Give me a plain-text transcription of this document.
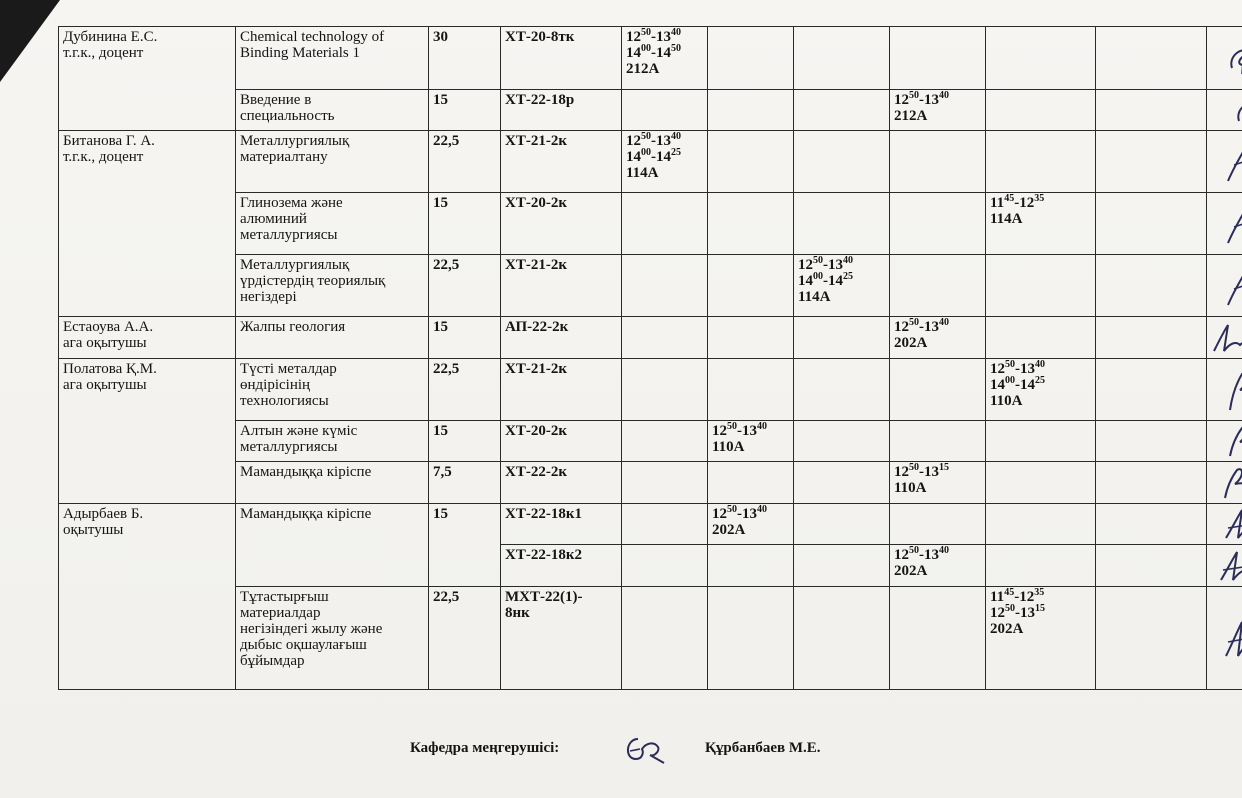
Дубинина Е.С.
т.г.к., доцент	Chemical technology of
Binding Materials 1	30	ХТ-20-8тк	$12^{50}-13^{40}$
$14^{00}-14^{50}$
212А

	Введение в
специальность	15	ХТ-22-18р				$12^{50}-13^{40}$
212А

Битанова Г. А.
т.г.к., доцент	Металлургиялық
материалтану	22,5	ХТ-21-2к	$12^{50}-13^{40}$
$14^{00}-14^{25}$
114А

	Глинозема және
алюминий
металлургиясы	15	ХТ-20-2к					$11^{45}-12^{35}$
114А

	Металлургиялық
үрдістердің теориялық
негіздері	22,5	ХТ-21-2к			$12^{50}-13^{40}$
$14^{00}-14^{25}$
114А

Естаоува А.А.
ага оқытушы	Жалпы геология	15	АП-22-2к				$12^{50}-13^{40}$
202А

Полатова Қ.М.
ага оқытушы	Түсті металдар
өндірісінің
технологиясы	22,5	ХТ-21-2к					$12^{50}-13^{40}$
$14^{00}-14^{25}$
110А

	Алтын және күміс
металлургиясы	15	ХТ-20-2к		$12^{50}-13^{40}$
110А

	Мамандыққа кіріспе	7,5	ХТ-22-2к				$12^{50}-13^{15}$
110А

Адырбаев Б.
оқытушы	Мамандыққа кіріспе	15	ХТ-22-18к1		$12^{50}-13^{40}$
202А

			ХТ-22-18к2				$12^{50}-13^{40}$
202А

	Тұтастырғыш
материалдар
негізіндегі жылу және
дыбыс оқшаулағыш
бұйымдар	22,5	МХТ-22(1)-
8нк					$11^{45}-12^{35}$
$12^{50}-13^{15}$
202А

Кафедра меңгерушісі:	Құрбанбаев М.Е.
